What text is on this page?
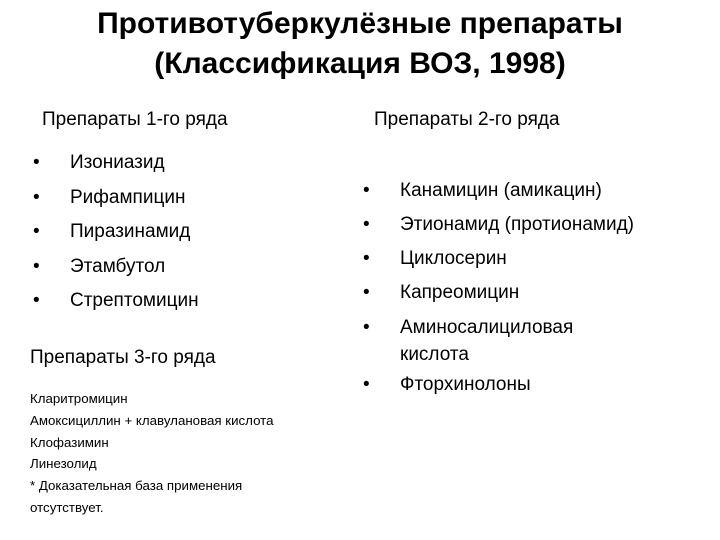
Противотуберкулёзные препараты
(Классификация ВОЗ, 1998)
Препараты 1-го ряда	Препараты 2-го ряда
• Изониазид
• Рифампицин
• Пиразинамид
• Этамбутол
• Стрептомицин
• Канамицин (амикацин)
• Этионамид (протионамид)
• Циклосерин
• Капреомицин
• Аминосалициловая
кислота
• Фторхинолоны
Препараты 3-го ряда
Кларитромицин
Амоксициллин + клавулановая кислота
Клофазимин
Линезолид
* Доказательная база применения
отсутствует.
